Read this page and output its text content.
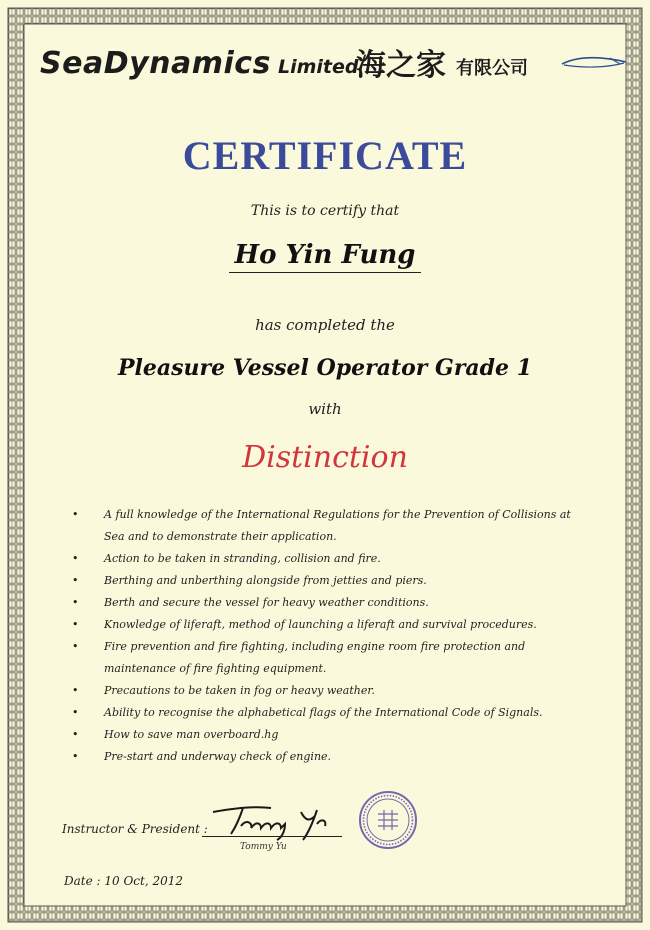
SeaDynamics Limited
海之家 有限公司
CERTIFICATE
This is to certify that
Ho Yin Fung
has completed the
Pleasure Vessel Operator Grade 1
with
Distinction
• A full knowledge of the International Regulations for the Prevention of Collisions at Sea and to demonstrate their application.
• Action to be taken in stranding, collision and fire.
• Berthing and unberthing alongside from jetties and piers.
• Berth and secure the vessel for heavy weather conditions.
• Knowledge of liferaft, method of launching a liferaft and survival procedures.
• Fire prevention and fire fighting, including engine room fire protection and maintenance of fire fighting equipment.
• Precautions to be taken in fog or heavy weather.
• Ability to recognise the alphabetical flags of the International Code of Signals.
• How to save man overboard.hg
• Pre-start and underway check of engine.
Instructor & President :
Tommy Yu
Date : 10 Oct, 2012
